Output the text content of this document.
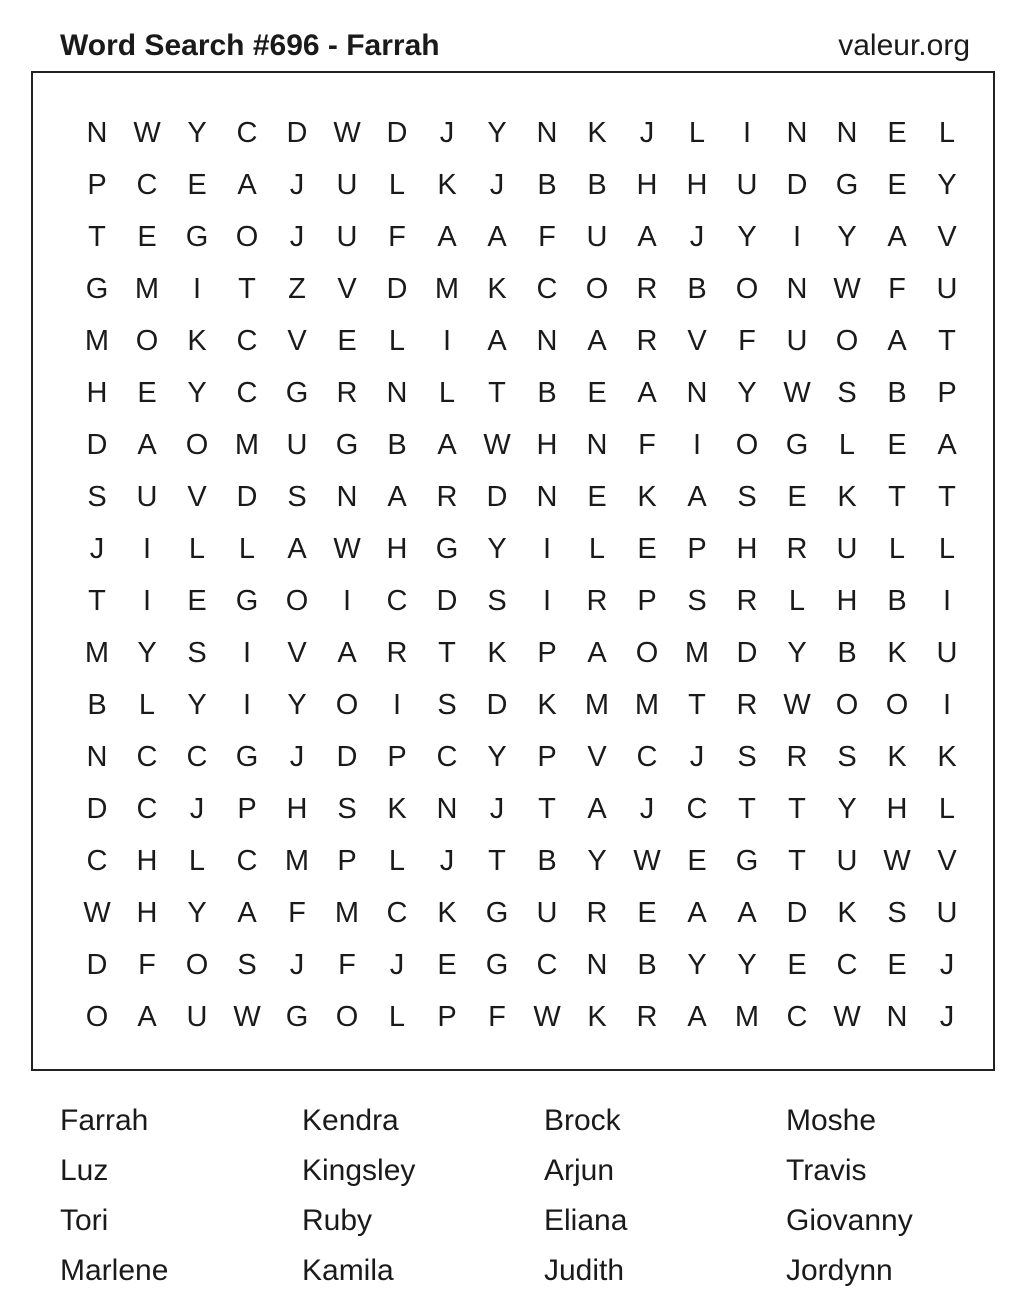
Word Search #696 - Farrah	valeur.org
N W Y	C	D W D	J	Y	N	K	J	L	I	N	N	E	L
P	C	E	A	J	U	L	K	J	B	B	H	H	U	D G	E	Y
T	E	G O	J	U	F	A	A	F	U	A	J	Y	I	Y	A	V
G M	I	T	Z	V	D M K	C O R	B	O N W F	U
M O	K	C	V	E	L	I	A	N	A	R	V	F	U O	A	T
H	E	Y	C G R	N	L	T	B	E	A	N	Y W S	B	P
D	A	O M U G	B	A W H	N	F	I	O G	L	E	A
S	U	V	D	S	N	A	R	D	N	E	K	A	S	E	K	T	T
J	I	L	L	A W H G	Y	I	L	E	P	H	R	U	L	L
T	I	E	G O	I	C	D	S	I	R	P	S	R	L	H	B	I
M Y	S	I	V	A	R	T	K	P	A	O M D	Y	B	K	U
B	L	Y	I	Y	O	I	S	D	K M M	T	R W O O	I
N	C	C G	J	D	P	C	Y	P	V	C	J	S	R	S	K	K
D	C	J	P	H	S	K	N	J	T	A	J	C	T	T	Y	H	L
C	H	L	C M P	L	J	T	B	Y W E	G	T	U W V
W H	Y	A	F	M C	K	G U	R	E	A	A	D	K	S	U
D	F	O	S	J	F	J	E	G C	N	B	Y	Y	E	C	E	J
O	A	U W G O	L	P	F W K	R	A M C W N	J
Farrah	Kendra	Brock	Moshe
Luz	Kingsley	Arjun	Travis
Tori	Ruby	Eliana	Giovanny
Marlene	Kamila	Judith	Jordynn
